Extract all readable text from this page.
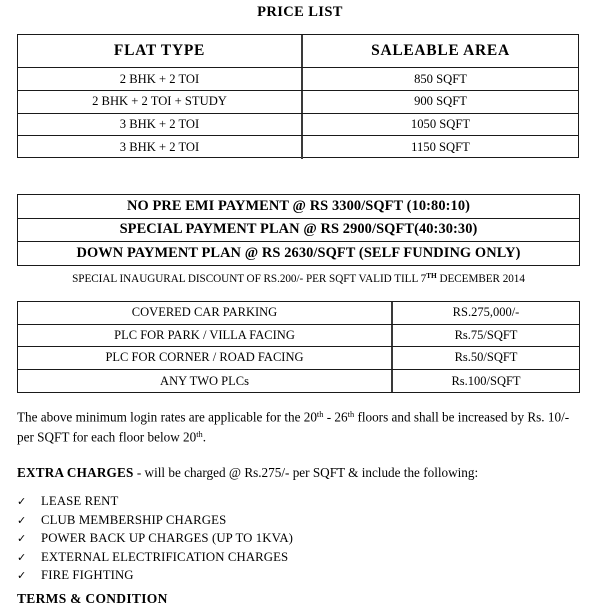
PRICE LIST
FLAT TYPE	SALEABLE AREA
2 BHK + 2 TOI	850 SQFT
2 BHK + 2 TOI + STUDY	900 SQFT
3 BHK + 2 TOI	1050 SQFT
3 BHK + 2 TOI	1150 SQFT
NO PRE EMI PAYMENT @ RS 3300/SQFT (10:80:10)
SPECIAL PAYMENT PLAN @ RS 2900/SQFT(40:30:30)
DOWN PAYMENT PLAN @ RS 2630/SQFT (SELF FUNDING ONLY)
SPECIAL INAUGURAL DISCOUNT OF RS.200/- PER SQFT VALID TILL 7TH DECEMBER 2014
COVERED CAR PARKING	RS.275,000/-
PLC FOR PARK / VILLA FACING	Rs.75/SQFT
PLC FOR CORNER / ROAD FACING	Rs.50/SQFT
ANY TWO PLCs	Rs.100/SQFT
The above minimum login rates are applicable for the 20th - 26th floors and shall be increased by Rs. 10/- per SQFT for each floor below 20th.
EXTRA CHARGES - will be charged @ Rs.275/- per SQFT & include the following:
✓	LEASE RENT
✓	CLUB MEMBERSHIP CHARGES
✓	POWER BACK UP CHARGES (UP TO 1KVA)
✓	EXTERNAL ELECTRIFICATION CHARGES
✓	FIRE FIGHTING
TERMS & CONDITION
